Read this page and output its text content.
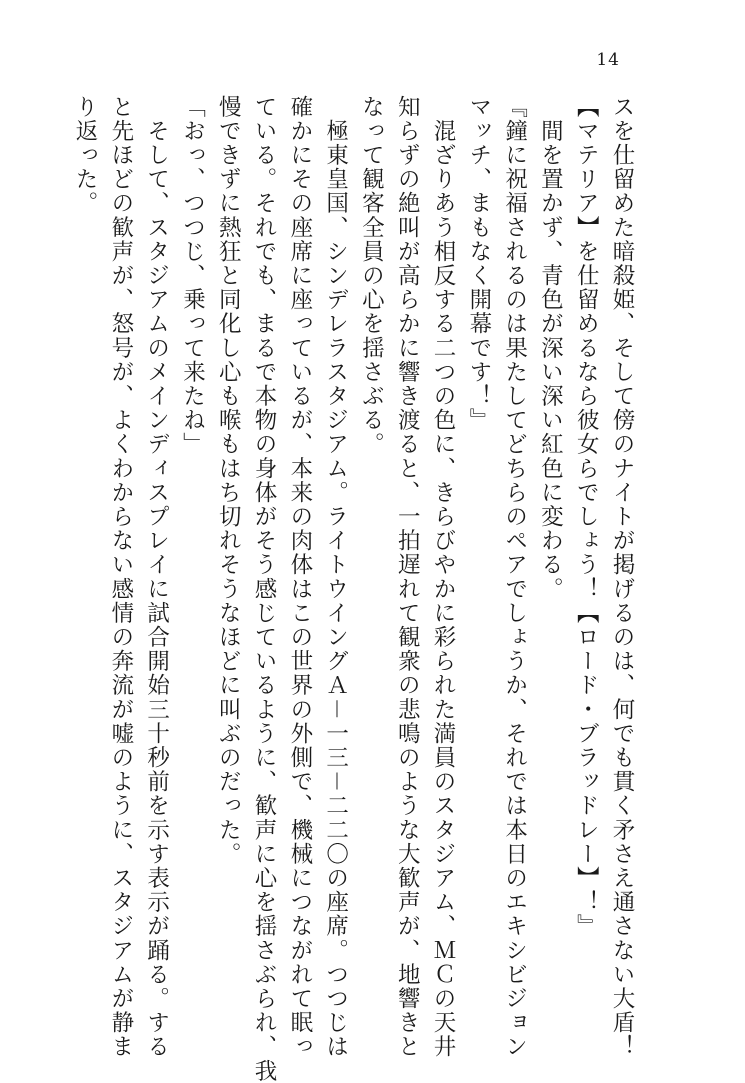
14
スを仕留めた暗殺姫、そして傍のナイトが掲げるのは、何でも貫く矛さえ通さない大盾！
【マテリア】を仕留めるなら彼女らでしょう！【ロード・ブラッドレー】！』
　間を置かず、青色が深い深い紅色に変わる。
『鐘に祝福されるのは果たしてどちらのペアでしょうか、それでは本日のエキシビジョン
マッチ、まもなく開幕です！』
　混ざりあう相反する二つの色に、きらびやかに彩られた満員のスタジアム、ＭＣの天井
知らずの絶叫が高らかに響き渡ると、一拍遅れて観衆の悲鳴のような大歓声が、地響きと
なって観客全員の心を揺さぶる。
　極東皇国、シンデレラスタジアム。ライトウイングＡ－一三－二二〇の座席。つつじは
確かにその座席に座っているが、本来の肉体はこの世界の外側で、機械につながれて眠っ
ている。それでも、まるで本物の身体がそう感じているように、歓声に心を揺さぶられ、我
慢できずに熱狂と同化し心も喉もはち切れそうなほどに叫ぶのだった。
「おっ、つつじ、乗って来たね」
　そして、スタジアムのメインディスプレイに試合開始三十秒前を示す表示が踊る。する
と先ほどの歓声が、怒号が、よくわからない感情の奔流が嘘のように、スタジアムが静ま
り返った。
